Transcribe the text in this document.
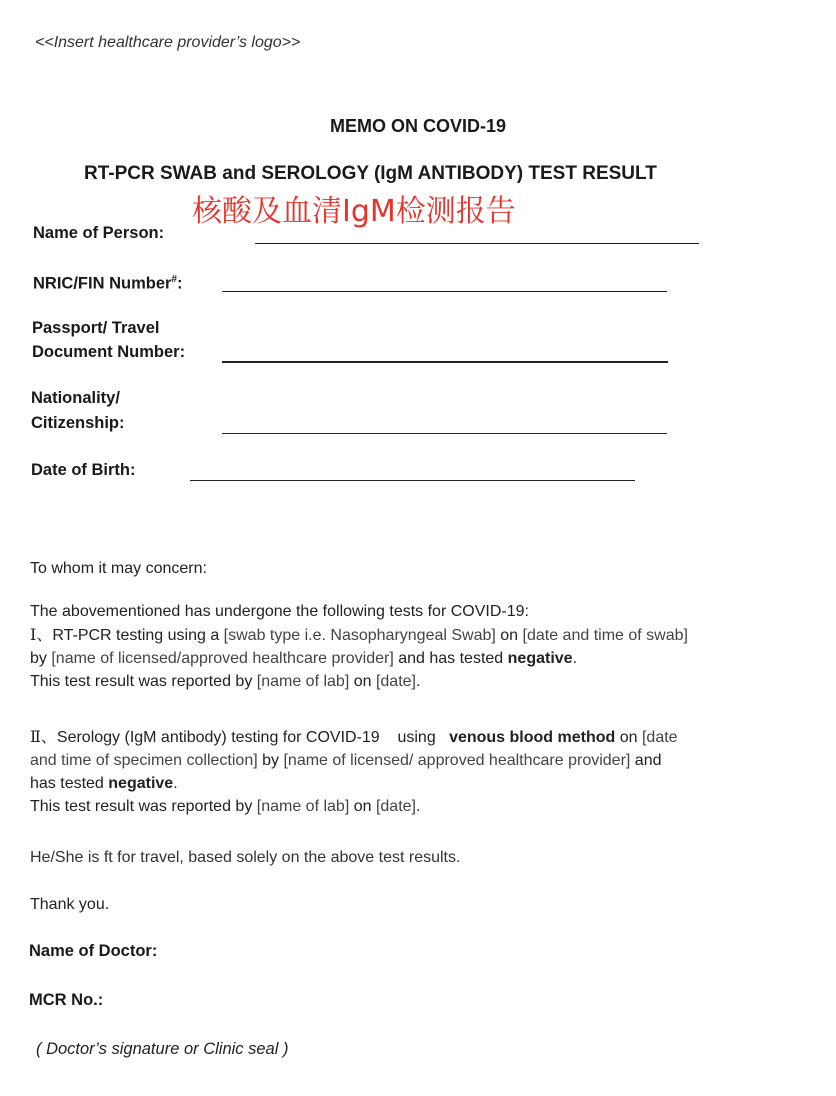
<<Insert healthcare provider’s logo>>
MEMO ON COVID-19
RT-PCR SWAB and SEROLOGY (IgM ANTIBODY) TEST RESULT
核酸及血清IgM检测报告
Name of Person:
NRIC/FIN Number#:
Passport/ Travel
Document Number:
Nationality/
Citizenship:
Date of Birth:
To whom it may concern:
The abovementioned has undergone the following tests for COVID-19:
Ⅰ、RT-PCR testing using a [swab type i.e. Nasopharyngeal Swab] on [date and time of swab]
by [name of licensed/approved healthcare provider] and has tested negative.
This test result was reported by [name of lab] on [date].
Ⅱ、Serology (IgM antibody) testing for COVID-19    using   venous blood method on [date
and time of specimen collection] by [name of licensed/ approved healthcare provider] and
has tested negative.
This test result was reported by [name of lab] on [date].
He/She is ft for travel, based solely on the above test results.
Thank you.
Name of Doctor:
MCR No.:
( Doctor’s signature or Clinic seal )
